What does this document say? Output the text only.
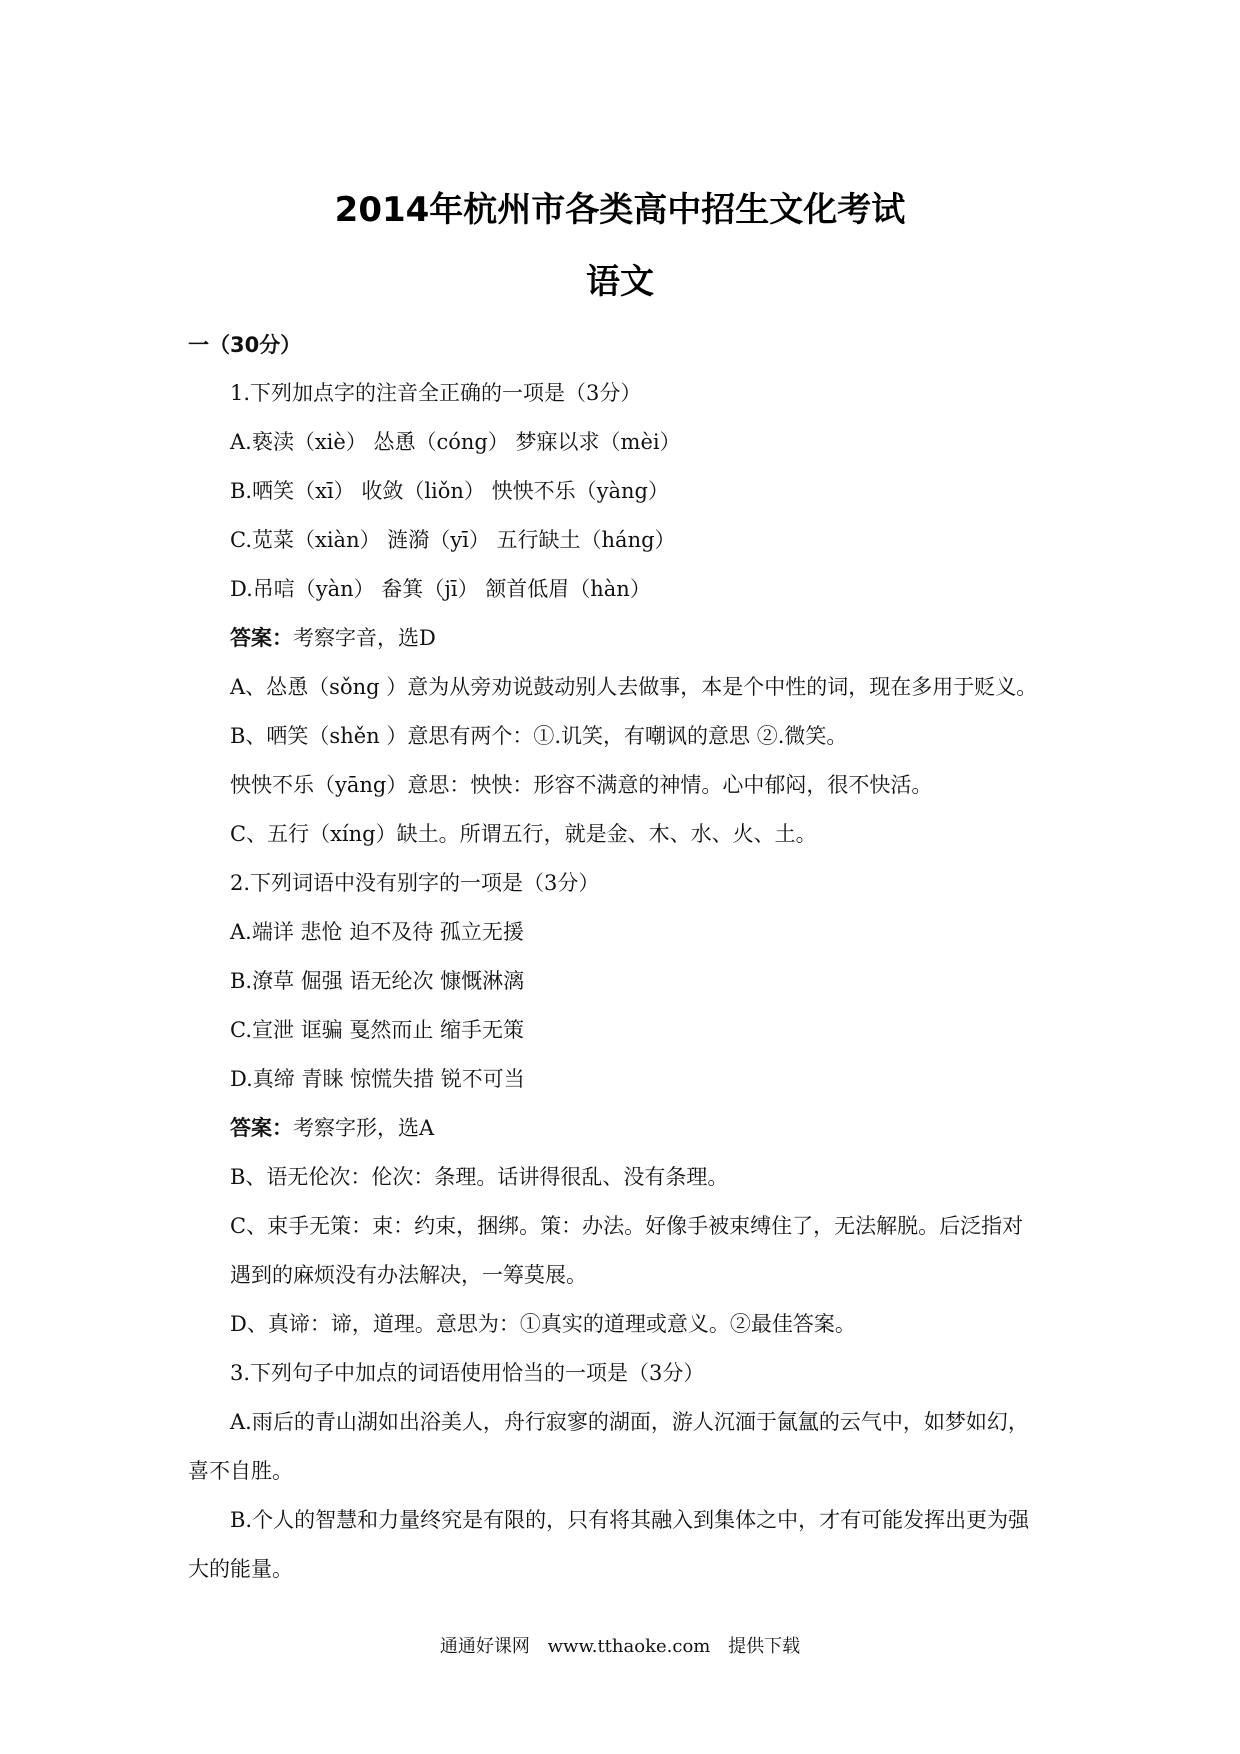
2014年杭州市各类高中招生文化考试
语文
一（30分）
1.下列加点字的注音全正确的一项是（3分）
A.亵渎（xiè） 怂恿（cóng） 梦寐以求（mèi）
B.哂笑（xī） 收敛（liǒn） 怏怏不乐（yàng）
C.苋菜（xiàn） 涟漪（yī） 五行缺土（háng）
D.吊唁（yàn） 畚箕（jī） 颔首低眉（hàn）
答案：考察字音，选D
A、怂恿（sǒng ）意为从旁劝说鼓动别人去做事，本是个中性的词，现在多用于贬义。
B、哂笑（shěn ）意思有两个：①.讥笑，有嘲讽的意思 ②.微笑。
怏怏不乐（yāng）意思：怏怏：形容不满意的神情。心中郁闷，很不快活。
C、五行（xíng）缺土。所谓五行，就是金、木、水、火、土。
2.下列词语中没有别字的一项是（3分）
A.端详 悲怆 迫不及待 孤立无援
B.潦草 倔强 语无纶次 慷慨淋漓
C.宣泄 诓骗 戛然而止 缩手无策
D.真缔 青睐 惊慌失措 锐不可当
答案：考察字形，选A
B、语无伦次：伦次：条理。话讲得很乱、没有条理。
C、束手无策：束：约束，捆绑。策：办法。好像手被束缚住了，无法解脱。后泛指对
遇到的麻烦没有办法解决，一筹莫展。
D、真谛：谛，道理。意思为：①真实的道理或意义。②最佳答案。
3.下列句子中加点的词语使用恰当的一项是（3分）
A.雨后的青山湖如出浴美人，舟行寂寥的湖面，游人沉湎于氤氲的云气中，如梦如幻，
喜不自胜。
B.个人的智慧和力量终究是有限的，只有将其融入到集体之中，才有可能发挥出更为强
大的能量。
通通好课网 www.tthaoke.com 提供下载
